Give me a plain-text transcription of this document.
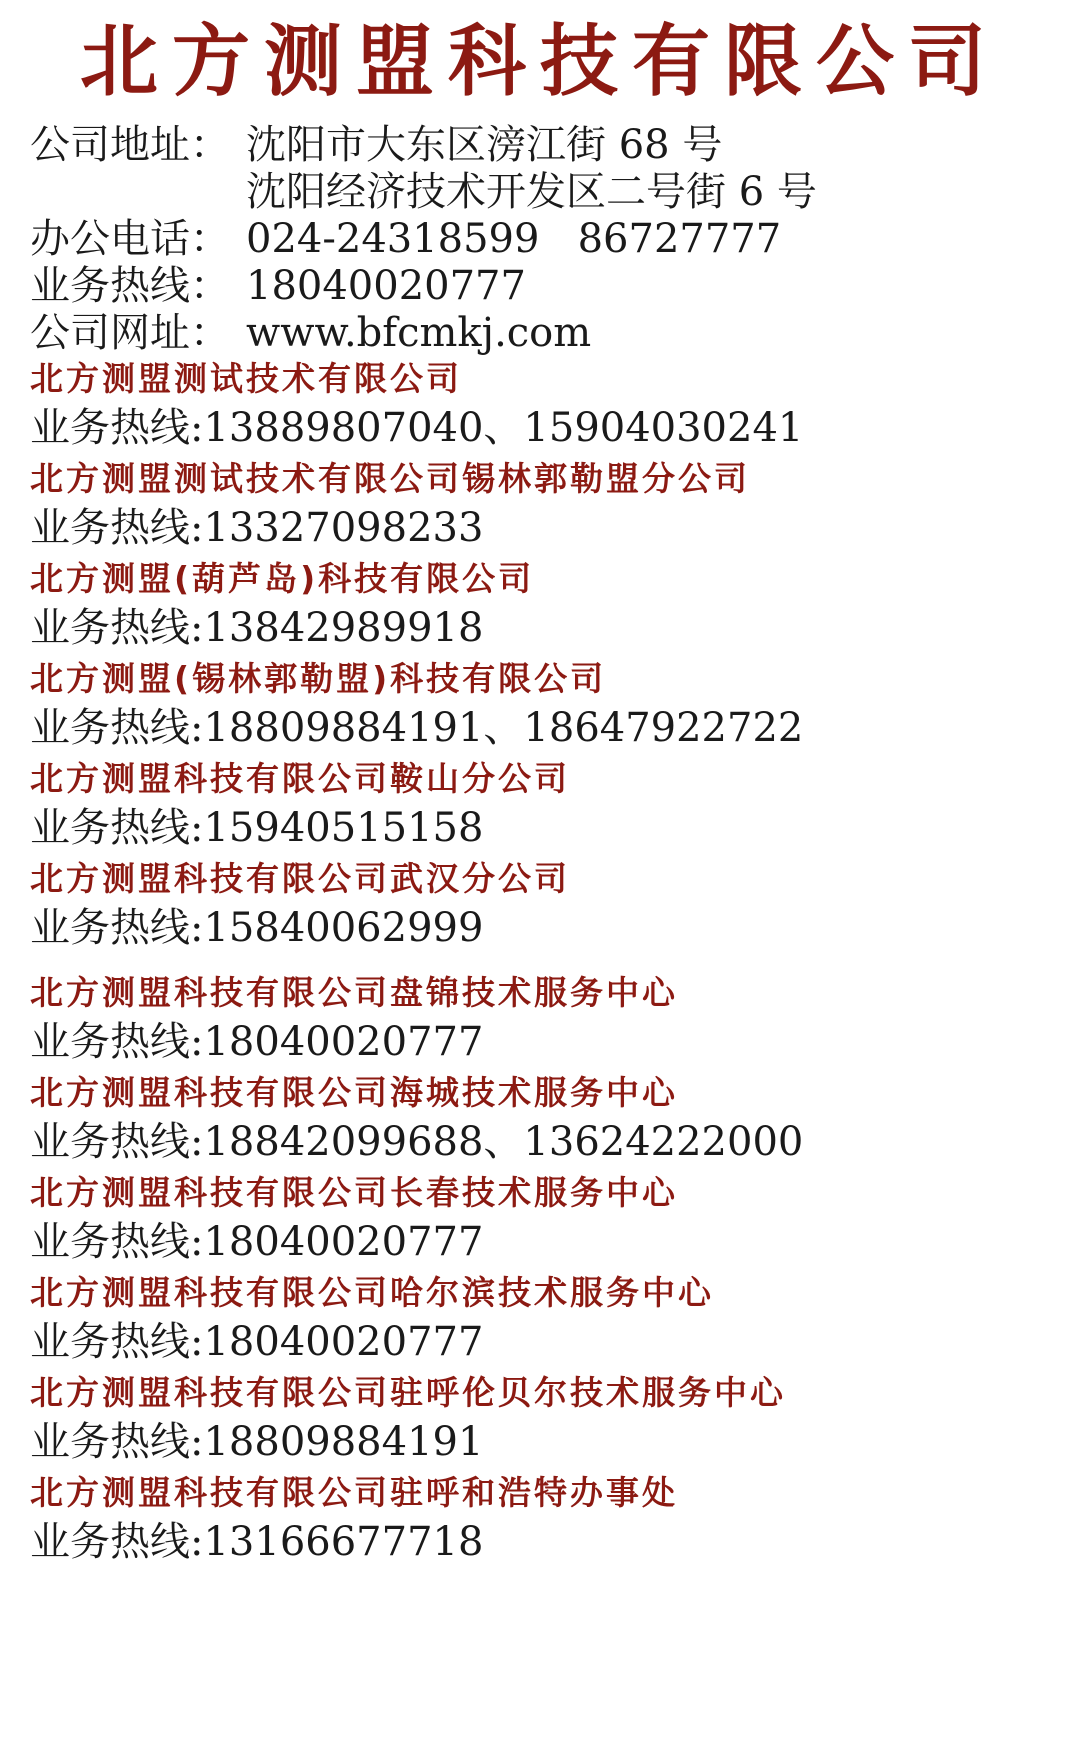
北方测盟科技有限公司
公司地址： 沈阳市大东区滂江街 68 号
沈阳经济技术开发区二号街 6 号
办公电话： 024-24318599   86727777
业务热线： 18040020777
公司网址： www.bfcmkj.com
北方测盟测试技术有限公司
业务热线:13889807040、15904030241
北方测盟测试技术有限公司锡林郭勒盟分公司
业务热线:13327098233
北方测盟(葫芦岛)科技有限公司
业务热线:13842989918
北方测盟(锡林郭勒盟)科技有限公司
业务热线:18809884191、18647922722
北方测盟科技有限公司鞍山分公司
业务热线:15940515158
北方测盟科技有限公司武汉分公司
业务热线:15840062999
北方测盟科技有限公司盘锦技术服务中心
业务热线:18040020777
北方测盟科技有限公司海城技术服务中心
业务热线:18842099688、13624222000
北方测盟科技有限公司长春技术服务中心
业务热线:18040020777
北方测盟科技有限公司哈尔滨技术服务中心
业务热线:18040020777
北方测盟科技有限公司驻呼伦贝尔技术服务中心
业务热线:18809884191
北方测盟科技有限公司驻呼和浩特办事处
业务热线:13166677718
